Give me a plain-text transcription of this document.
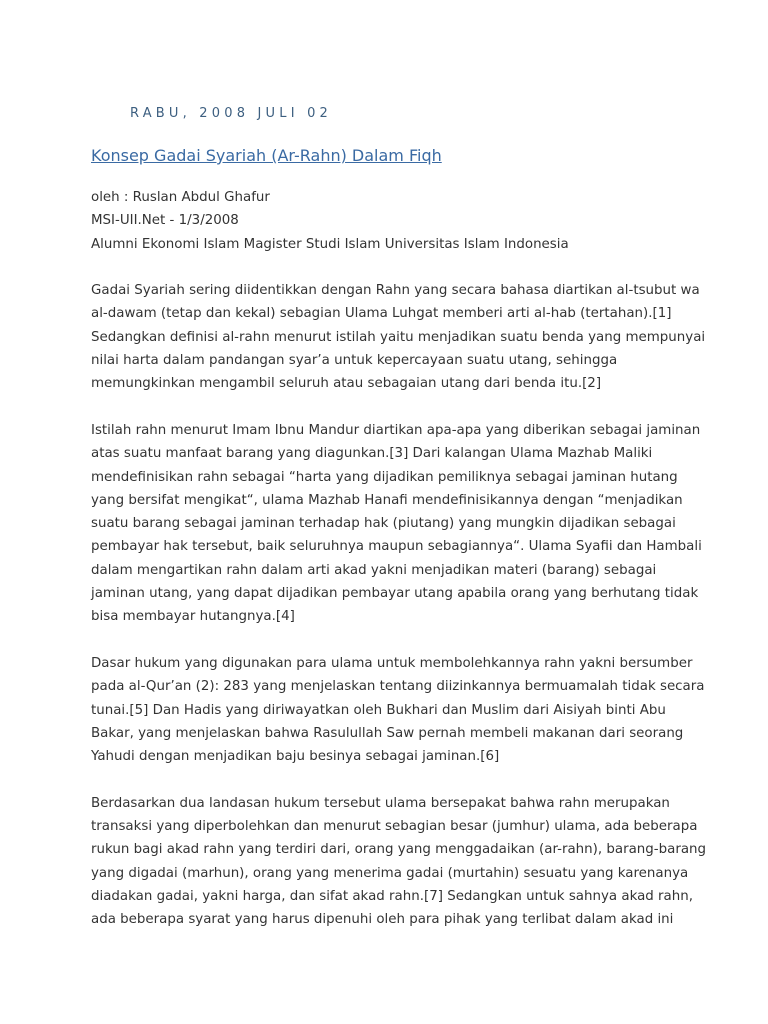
RABU, 2008 JULI 02
Konsep Gadai Syariah (Ar-Rahn) Dalam Fiqh
oleh : Ruslan Abdul Ghafur
MSI-UII.Net - 1/3/2008
Alumni Ekonomi Islam Magister Studi Islam Universitas Islam Indonesia

Gadai Syariah sering diidentikkan dengan Rahn yang secara bahasa diartikan al-tsubut wa
al-dawam (tetap dan kekal) sebagian Ulama Luhgat memberi arti al-hab (tertahan).[1]
Sedangkan definisi al-rahn menurut istilah yaitu menjadikan suatu benda yang mempunyai
nilai harta dalam pandangan syar’a untuk kepercayaan suatu utang, sehingga
memungkinkan mengambil seluruh atau sebagaian utang dari benda itu.[2]

Istilah rahn menurut Imam Ibnu Mandur diartikan apa-apa yang diberikan sebagai jaminan
atas suatu manfaat barang yang diagunkan.[3] Dari kalangan Ulama Mazhab Maliki
mendefinisikan rahn sebagai “harta yang dijadikan pemiliknya sebagai jaminan hutang
yang bersifat mengikat“, ulama Mazhab Hanafi mendefinisikannya dengan “menjadikan
suatu barang sebagai jaminan terhadap hak (piutang) yang mungkin dijadikan sebagai
pembayar hak tersebut, baik seluruhnya maupun sebagiannya“. Ulama Syafii dan Hambali
dalam mengartikan rahn dalam arti akad yakni menjadikan materi (barang) sebagai
jaminan utang, yang dapat dijadikan pembayar utang apabila orang yang berhutang tidak
bisa membayar hutangnya.[4]

Dasar hukum yang digunakan para ulama untuk membolehkannya rahn yakni bersumber
pada al-Qur’an (2): 283 yang menjelaskan tentang diizinkannya bermuamalah tidak secara
tunai.[5] Dan Hadis yang diriwayatkan oleh Bukhari dan Muslim dari Aisiyah binti Abu
Bakar, yang menjelaskan bahwa Rasulullah Saw pernah membeli makanan dari seorang
Yahudi dengan menjadikan baju besinya sebagai jaminan.[6]

Berdasarkan dua landasan hukum tersebut ulama bersepakat bahwa rahn merupakan
transaksi yang diperbolehkan dan menurut sebagian besar (jumhur) ulama, ada beberapa
rukun bagi akad rahn yang terdiri dari, orang yang menggadaikan (ar-rahn), barang-barang
yang digadai (marhun), orang yang menerima gadai (murtahin) sesuatu yang karenanya
diadakan gadai, yakni harga, dan sifat akad rahn.[7] Sedangkan untuk sahnya akad rahn,
ada beberapa syarat yang harus dipenuhi oleh para pihak yang terlibat dalam akad ini
